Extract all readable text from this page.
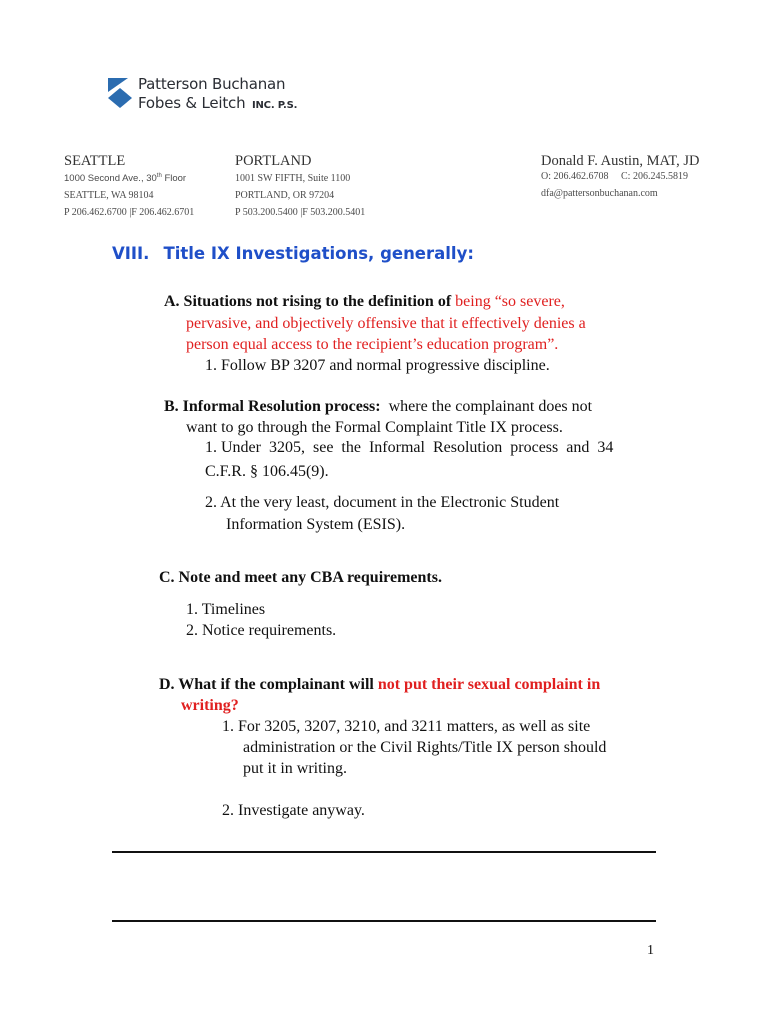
Patterson Buchanan
Fobes & Leitch INC. P.S.
SEATTLE
1000 Second Ave., 30th Floor
SEATTLE, WA 98104
P 206.462.6700 |F 206.462.6701
PORTLAND
1001 SW FIFTH, Suite 1100
PORTLAND, OR 97204
P 503.200.5400 |F 503.200.5401
Donald F. Austin, MAT, JD
O: 206.462.6708     C: 206.245.5819
dfa@pattersonbuchanan.com
VIII. Title IX Investigations, generally:
A. Situations not rising to the definition of being “so severe,
pervasive, and objectively offensive that it effectively denies a
person equal access to the recipient’s education program”.
1. Follow BP 3207 and normal progressive discipline.
B. Informal Resolution process: where the complainant does not
want to go through the Formal Complaint Title IX process.
1. Under  3205,  see  the  Informal  Resolution  process  and  34
C.F.R. § 106.45(9).
2. At the very least, document in the Electronic Student
Information System (ESIS).
C. Note and meet any CBA requirements.
1. Timelines
2. Notice requirements.
D. What if the complainant will not put their sexual complaint in
writing?
1. For 3205, 3207, 3210, and 3211 matters, as well as site
administration or the Civil Rights/Title IX person should
put it in writing.
2. Investigate anyway.
1
